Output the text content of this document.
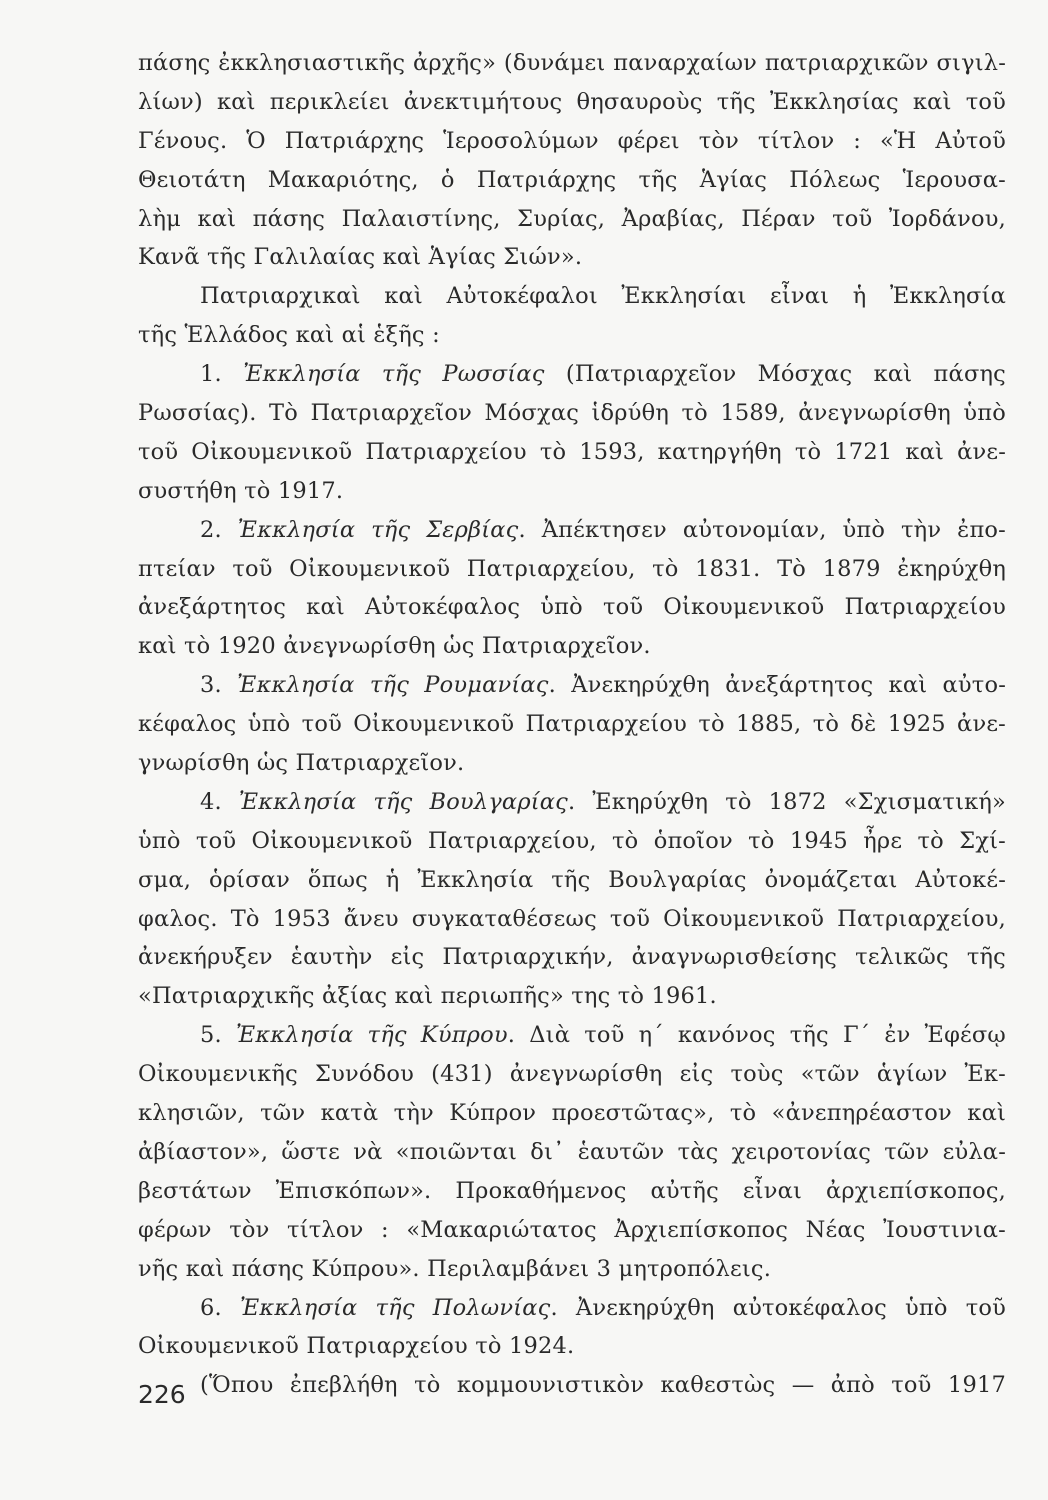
πάσης ἐκκλησιαστικῆς ἀρχῆς» (δυνάμει παναρχαίων πατριαρχικῶν σιγιλ-
λίων) καὶ περικλείει ἀνεκτιμήτους θησαυροὺς τῆς Ἐκκλησίας καὶ τοῦ
Γένους. Ὁ Πατριάρχης Ἱεροσολύμων φέρει τὸν τίτλον : «Ἡ Αὐτοῦ
Θειοτάτη Μακαριότης, ὁ Πατριάρχης τῆς Ἁγίας Πόλεως Ἱερουσα-
λὴμ καὶ πάσης Παλαιστίνης, Συρίας, Ἀραβίας, Πέραν τοῦ Ἰορδάνου,
Κανᾶ τῆς Γαλιλαίας καὶ Ἁγίας Σιών».
Πατριαρχικαὶ καὶ Αὐτοκέφαλοι Ἐκκλησίαι εἶναι ἡ Ἐκκλησία
τῆς Ἑλλάδος καὶ αἱ ἑξῆς :
1. Ἐκκλησία τῆς Ρωσσίας (Πατριαρχεῖον Μόσχας καὶ πάσης
Ρωσσίας). Τὸ Πατριαρχεῖον Μόσχας ἱδρύθη τὸ 1589, ἀνεγνωρίσθη ὑπὸ
τοῦ Οἰκουμενικοῦ Πατριαρχείου τὸ 1593, κατηργήθη τὸ 1721 καὶ ἀνε-
συστήθη τὸ 1917.
2. Ἐκκλησία τῆς Σερβίας. Ἀπέκτησεν αὐτονομίαν, ὑπὸ τὴν ἐπο-
πτείαν τοῦ Οἰκουμενικοῦ Πατριαρχείου, τὸ 1831. Τὸ 1879 ἐκηρύχθη
ἀνεξάρτητος καὶ Αὐτοκέφαλος ὑπὸ τοῦ Οἰκουμενικοῦ Πατριαρχείου
καὶ τὸ 1920 ἀνεγνωρίσθη ὡς Πατριαρχεῖον.
3. Ἐκκλησία τῆς Ρουμανίας. Ἀνεκηρύχθη ἀνεξάρτητος καὶ αὐτο-
κέφαλος ὑπὸ τοῦ Οἰκουμενικοῦ Πατριαρχείου τὸ 1885, τὸ δὲ 1925 ἀνε-
γνωρίσθη ὡς Πατριαρχεῖον.
4. Ἐκκλησία τῆς Βουλγαρίας. Ἐκηρύχθη τὸ 1872 «Σχισματική»
ὑπὸ τοῦ Οἰκουμενικοῦ Πατριαρχείου, τὸ ὁποῖον τὸ 1945 ἦρε τὸ Σχί-
σμα, ὁρίσαν ὅπως ἡ Ἐκκλησία τῆς Βουλγαρίας ὀνομάζεται Αὐτοκέ-
φαλος. Τὸ 1953 ἄνευ συγκαταθέσεως τοῦ Οἰκουμενικοῦ Πατριαρχείου,
ἀνεκήρυξεν ἑαυτὴν εἰς Πατριαρχικήν, ἀναγνωρισθείσης τελικῶς τῆς
«Πατριαρχικῆς ἀξίας καὶ περιωπῆς» της τὸ 1961.
5. Ἐκκλησία τῆς Κύπρου. Διὰ τοῦ η΄ κανόνος τῆς Γ΄ ἐν Ἐφέσῳ
Οἰκουμενικῆς Συνόδου (431) ἀνεγνωρίσθη εἰς τοὺς «τῶν ἁγίων Ἐκ-
κλησιῶν, τῶν κατὰ τὴν Κύπρον προεστῶτας», τὸ «ἀνεπηρέαστον καὶ
ἀβίαστον», ὥστε νὰ «ποιῶνται δι᾽ ἑαυτῶν τὰς χειροτονίας τῶν εὐλα-
βεστάτων Ἐπισκόπων». Προκαθήμενος αὐτῆς εἶναι ἀρχιεπίσκοπος,
φέρων τὸν τίτλον : «Μακαριώτατος Ἀρχιεπίσκοπος Νέας Ἰουστινια-
νῆς καὶ πάσης Κύπρου». Περιλαμβάνει 3 μητροπόλεις.
6. Ἐκκλησία τῆς Πολωνίας. Ἀνεκηρύχθη αὐτοκέφαλος ὑπὸ τοῦ
Οἰκουμενικοῦ Πατριαρχείου τὸ 1924.
(Ὅπου ἐπεβλήθη τὸ κομμουνιστικὸν καθεστὼς — ἀπὸ τοῦ 1917
226
